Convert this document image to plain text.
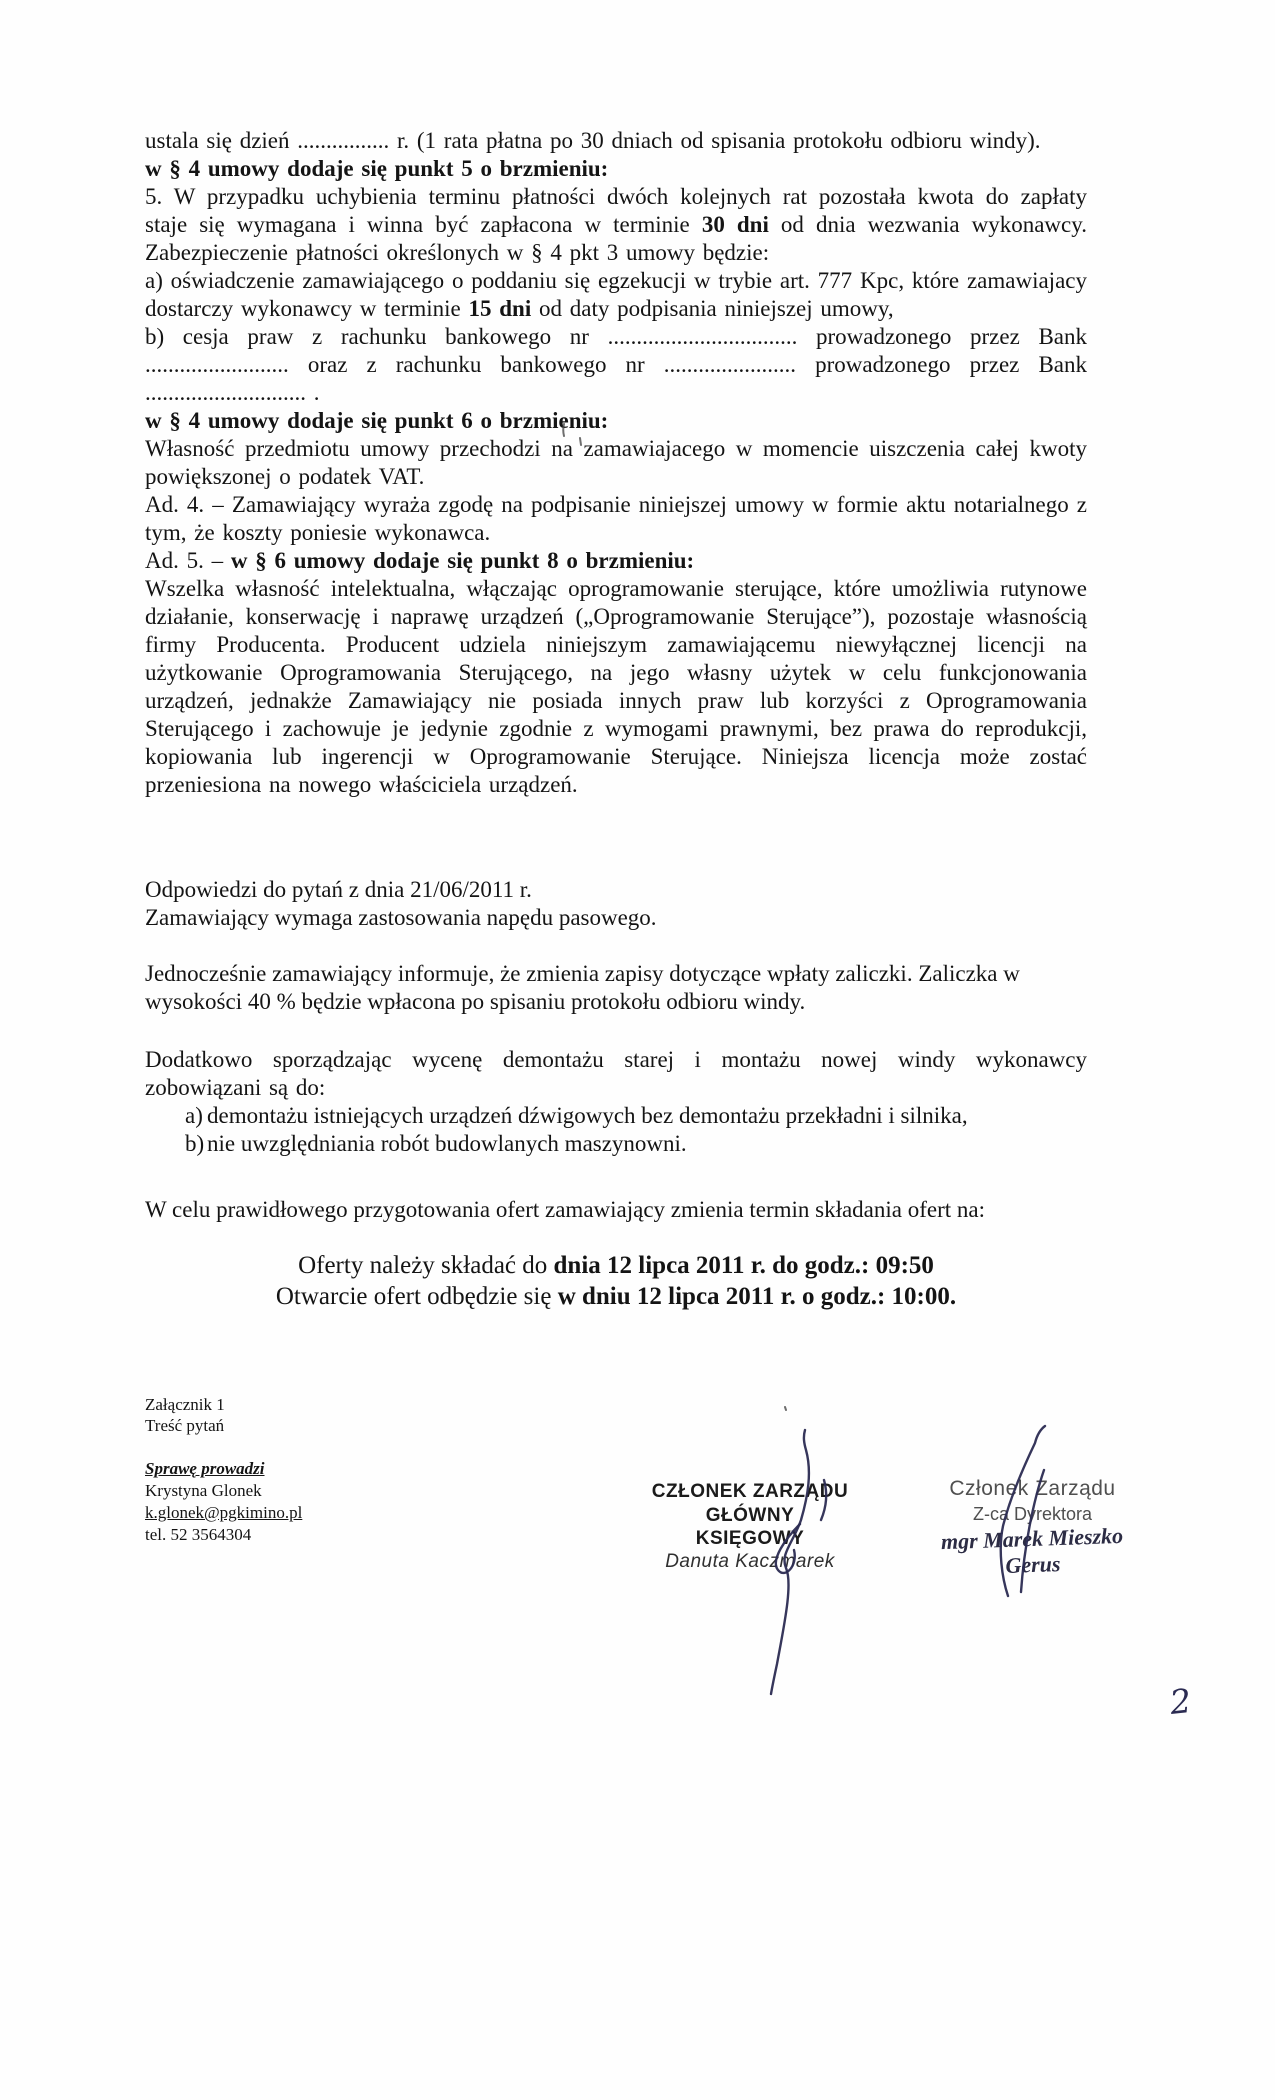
ustala się dzień ................ r. (1 rata płatna po 30 dniach od spisania protokołu odbioru windy).

w § 4 umowy dodaje się punkt 5 o brzmieniu:

5. W przypadku uchybienia terminu płatności dwóch kolejnych rat pozostała kwota do zapłaty staje się wymagana i winna być zapłacona w terminie 30 dni od dnia wezwania wykonawcy. Zabezpieczenie płatności określonych w § 4 pkt 3 umowy będzie:

a) oświadczenie zamawiającego o poddaniu się egzekucji w trybie art. 777 Kpc, które zamawiajacy dostarczy wykonawcy w terminie 15 dni od daty podpisania niniejszej umowy,

b) cesja praw z rachunku bankowego nr ................................. prowadzonego przez Bank ......................... oraz z rachunku bankowego nr ....................... prowadzonego przez Bank ............................ .

w § 4 umowy dodaje się punkt 6 o brzmieniu:

Własność przedmiotu umowy przechodzi na zamawiajacego w momencie uiszczenia całej kwoty powiększonej o podatek VAT.

Ad. 4. – Zamawiający wyraża zgodę na podpisanie niniejszej umowy w formie aktu notarialnego z tym, że koszty poniesie wykonawca.

Ad. 5. – w § 6 umowy dodaje się punkt 8 o brzmieniu:

Wszelka własność intelektualna, włączając oprogramowanie sterujące, które umożliwia rutynowe działanie, konserwację i naprawę urządzeń („Oprogramowanie Sterujące”), pozostaje własnością firmy Producenta. Producent udziela niniejszym zamawiającemu niewyłącznej licencji na użytkowanie Oprogramowania Sterującego, na jego własny użytek w celu funkcjonowania urządzeń, jednakże Zamawiający nie posiada innych praw lub korzyści z Oprogramowania Sterującego i zachowuje je jedynie zgodnie z wymogami prawnymi, bez prawa do reprodukcji, kopiowania lub ingerencji w Oprogramowanie Sterujące. Niniejsza licencja może zostać przeniesiona na nowego właściciela urządzeń.

Odpowiedzi do pytań z dnia 21/06/2011 r.

Zamawiający wymaga zastosowania napędu pasowego.

Jednocześnie zamawiający informuje, że zmienia zapisy dotyczące wpłaty zaliczki. Zaliczka w wysokości 40 % będzie wpłacona po spisaniu protokołu odbioru windy.

Dodatkowo sporządzając wycenę demontażu starej i montażu nowej windy wykonawcy zobowiązani są do:

a) demontażu istniejących urządzeń dźwigowych bez demontażu przekładni i silnika,

b) nie uwzględniania robót budowlanych maszynowni.

W celu prawidłowego przygotowania ofert zamawiający zmienia termin składania ofert na:

Oferty należy składać do dnia 12 lipca 2011 r. do godz.: 09:50

Otwarcie ofert odbędzie się w dniu 12 lipca 2011 r. o godz.: 10:00.

Załącznik 1

Treść pytań

Sprawę prowadzi

Krystyna Glonek

k.glonek@pgkimino.pl

tel. 52 3564304

CZŁONEK ZARZĄDU

GŁÓWNY KSIĘGOWY

Danuta Kaczmarek

Członek Zarządu

Z-ca Dyrektora

mgr Marek Mieszko Gerus

2
